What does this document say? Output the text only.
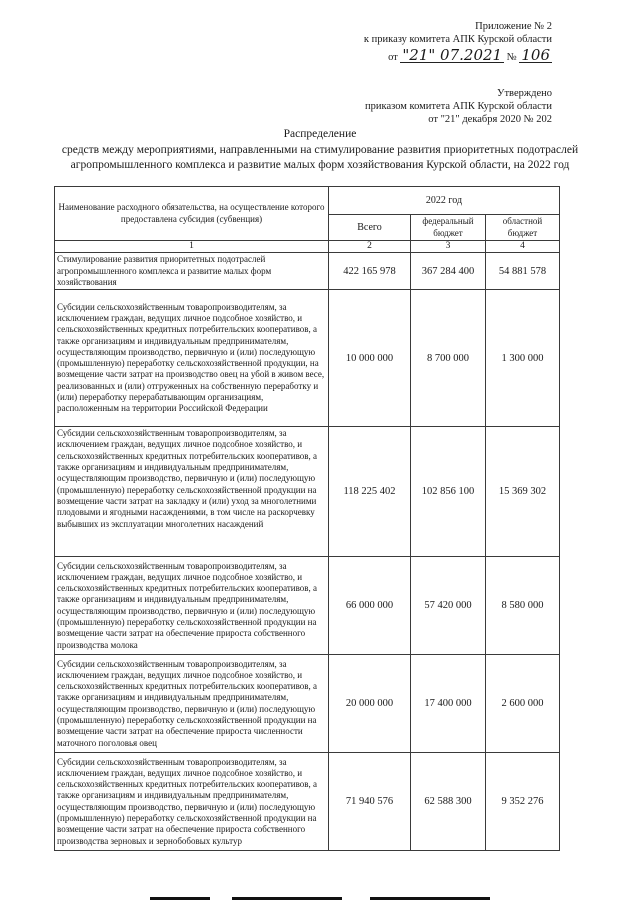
Приложение № 2
к приказу комитета АПК Курской области
от "21" 07.2021 № 106
Утверждено
приказом комитета АПК Курской области
от "21" декабря 2020 № 202
Распределение
средств между мероприятиями, направленными на стимулирование развития приоритетных подотраслей
агропромышленного комплекса и развитие малых форм хозяйствования Курской области, на 2022 год
Наименование расходного обязательства, на осуществление которого предоставлена субсидия (субвенция)	2022 год		
	Всего	федеральный бюджет	областной бюджет
1	2	3	4
Стимулирование развития приоритетных подотраслей агропромышленного комплекса и развитие малых форм хозяйствования	422 165 978	367 284 400	54 881 578
Субсидии сельскохозяйственным товаропроизводителям, за исключением граждан, ведущих личное подсобное хозяйство, и сельскохозяйственных кредитных потребительских кооперативов, а также организациям и индивидуальным предпринимателям, осуществляющим производство, первичную и (или) последующую (промышленную) переработку сельскохозяйственной продукции, на возмещение части затрат на производство овец на убой в живом весе, реализованных и (или) отгруженных на собственную переработку и (или) переработку перерабатывающим организациям, расположенным на территории Российской Федерации	10 000 000	8 700 000	1 300 000
Субсидии сельскохозяйственным товаропроизводителям, за исключением граждан, ведущих личное подсобное хозяйство, и сельскохозяйственных кредитных потребительских кооперативов, а также организациям и индивидуальным предпринимателям, осуществляющим производство, первичную и (или) последующую (промышленную) переработку сельскохозяйственной продукции на возмещение части затрат на закладку и (или) уход за многолетними плодовыми и ягодными насаждениями, в том числе на раскорчевку выбывших из эксплуатации многолетних насаждений	118 225 402	102 856 100	15 369 302
Субсидии сельскохозяйственным товаропроизводителям, за исключением граждан, ведущих личное подсобное хозяйство, и сельскохозяйственных кредитных потребительских кооперативов, а также организациям и индивидуальным предпринимателям, осуществляющим производство, первичную и (или) последующую (промышленную) переработку сельскохозяйственной продукции на возмещение части затрат на обеспечение прироста собственного производства молока	66 000 000	57 420 000	8 580 000
Субсидии сельскохозяйственным товаропроизводителям, за исключением граждан, ведущих личное подсобное хозяйство, и сельскохозяйственных кредитных потребительских кооперативов, а также организациям и индивидуальным предпринимателям, осуществляющим производство, первичную и (или) последующую (промышленную) переработку сельскохозяйственной продукции на возмещение части затрат на обеспечение прироста численности маточного поголовья овец	20 000 000	17 400 000	2 600 000
Субсидии сельскохозяйственным товаропроизводителям, за исключением граждан, ведущих личное подсобное хозяйство, и сельскохозяйственных кредитных потребительских кооперативов, а также организациям и индивидуальным предпринимателям, осуществляющим производство, первичную и (или) последующую (промышленную) переработку сельскохозяйственной продукции на возмещение части затрат на обеспечение прироста собственного производства зерновых и зернобобовых культур	71 940 576	62 588 300	9 352 276
